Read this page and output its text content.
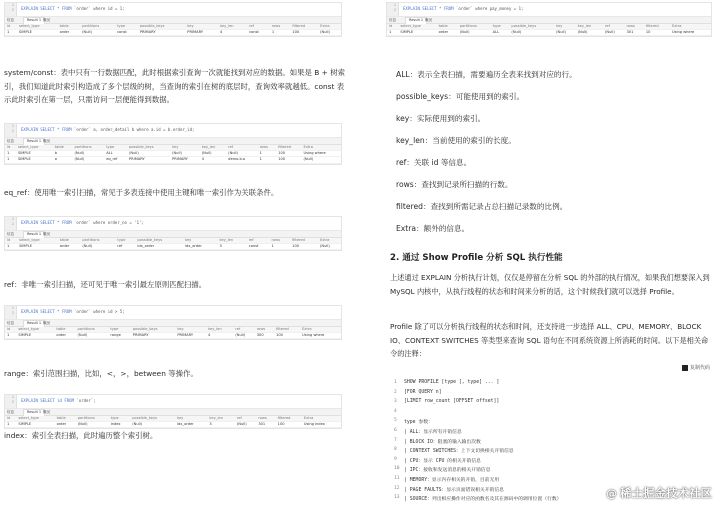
1
2	EXPLAIN SELECT * FROM `order` where id = 1;
信息	Result 1 概况
id	select_type	table	partitions	type	possible_keys	key	key_len	ref	rows	filtered	Extra
1	SIMPLE	order	(Null)	const	PRIMARY	PRIMARY	4	const	1	100	(Null)
system/const：表中只有一行数据匹配，此时根据索引查询一次就能找到对应的数据。如果是 B + 树索引，我们知道此时索引构造成了多个层级的树，当查询的索引在树的底层时，查询效率就越低。const 表示此时索引在第一层，只需访问一层便能得到数据。
1
2	EXPLAIN SELECT * FROM `order` a, order_detail b where a.id = b.order_id;
信息	Result 1 概况
id	select_type	table	partitions	type	possible_keys	key	key_len	ref	rows	filtered	Extra
1	SIMPLE	b	(Null)	ALL	(Null)	(Null)	(Null)	(Null)	1	100	Using where
1	SIMPLE	a	(Null)	eq_ref	PRIMARY	PRIMARY	4	demo.b.o	1	100	(Null)
eq_ref：使用唯一索引扫描，常见于多表连接中使用主键和唯一索引作为关联条件。
1
2	EXPLAIN SELECT * FROM `order` where order_no = '1';
信息	Result 1 概况
id	select_type	table	partitions	type	possible_keys	key	key_len	ref	rows	filtered	Extra
1	SIMPLE	order	(Null)	ref	idx_order	idx_order	3	const	1	100	(Null)
ref：非唯一索引扫描，还可见于唯一索引最左原则匹配扫描。
1
2	EXPLAIN SELECT * FROM `order` where id > 5;
信息	Result 1 概况
id	select_type	table	partitions	type	possible_keys	key	key_len	ref	rows	filtered	Extra
1	SIMPLE	order	(Null)	range	PRIMARY	PRIMARY	4	(Null)	300	100	Using where
range：索引范围扫描，比如，<，>，between 等操作。
1
2	EXPLAIN SELECT id FROM `order`;
信息	Result 1 概况
id	select_type	table	partitions	type	possible_keys	key	key_len	ref	rows	filtered	Extra
1	SIMPLE	order	(Null)	index	(Null)	idx_order	3	(Null)	301	100	Using index
index：索引全表扫描，此时遍历整个索引树。
1
2	EXPLAIN SELECT * FROM `order` where pay_money = 1;
信息	Result 1 概况
id	select_type	table	partitions	type	possible_keys	key	key_len	ref	rows	filtered	Extra
1	SIMPLE	order	(Null)	ALL	(Null)	(Null)	(Null)	(Null)	301	10	Using where
ALL：表示全表扫描，需要遍历全表来找到对应的行。
possible_keys：可能使用到的索引。
key：实际使用到的索引。
key_len：当前使用的索引的长度。
ref：关联 id 等信息。
rows：查找到记录所扫描的行数。
filtered：查找到所需记录占总扫描记录数的比例。
Extra：额外的信息。
2. 通过 Show Profile 分析 SQL 执行性能
上述通过 EXPLAIN 分析执行计划，仅仅是停留在分析 SQL 的外部的执行情况，如果我们想要深入到 MySQL 内核中，从执行线程的状态和时间来分析的话，这个时候我们就可以选择 Profile。
Profile 除了可以分析执行线程的状态和时间，还支持进一步选择 ALL、CPU、MEMORY、BLOCK IO、CONTEXT SWITCHES 等类型来查询 SQL 语句在不同系统资源上所消耗的时间。以下是相关命令的注释：
复制代码
1 SHOW PROFILE [type [, type] ... ]
2 [FOR QUERY n]
3 [LIMIT row_count [OFFSET offset]]
4
5 type 参数：
6 | ALL：显示所有开销信息
7 | BLOCK IO：阻塞的输入输出次数
8 | CONTEXT SWITCHES：上下文切换相关开销信息
9 | CPU：显示 CPU 的相关开销信息
10 | IPC：接收和发送消息的相关开销信息
11 | MEMORY：显示内存相关的开销，目前无用
12 | PAGE FAULTS：显示页面错误相关开销信息
13 | SOURCE：列出相应操作对应的函数名及其在源码中的调用位置（行数）
@ 稀土掘金技术社区
